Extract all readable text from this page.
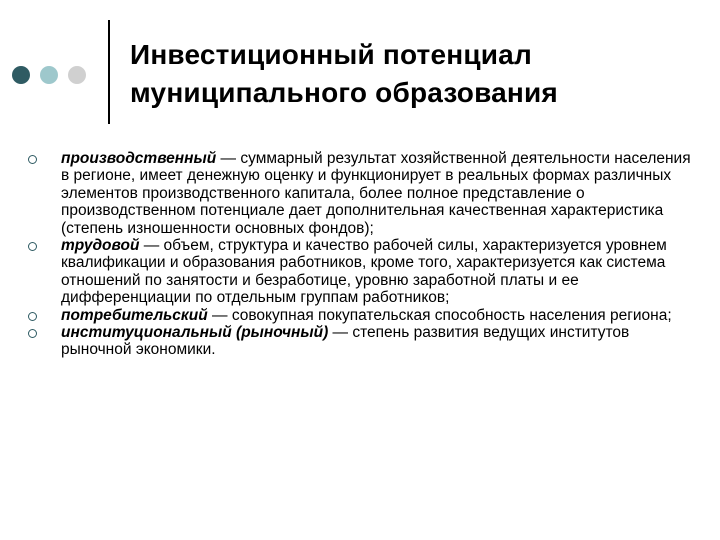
Инвестиционный потенциал
муниципального образования

производственный — суммарный результат хозяйственной деятельности населения в регионе, имеет денежную оценку и функционирует в реальных формах различных элементов производственного капитала, более полное представление о производственном потенциале дает дополнительная качественная характеристика (степень изношенности основных фондов);

трудовой — объем, структура и качество рабочей силы, характеризуется уровнем квалификации и образования работников, кроме того, характеризуется как система отношений по занятости и безработице, уровню заработной платы и ее дифференциации по отдельным группам работников;

потребительский — совокупная покупательская способность населения региона;

институциональный (рыночный) — степень развития ведущих институтов рыночной экономики.
